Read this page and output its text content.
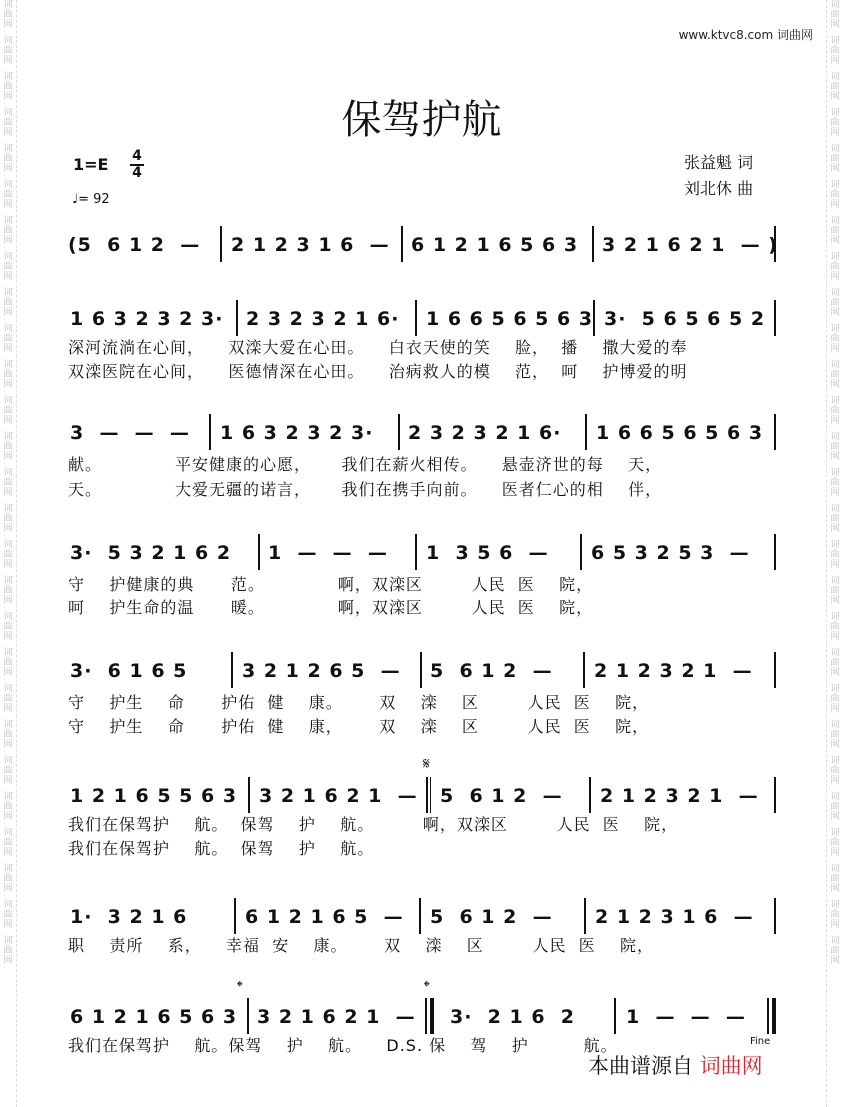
词曲网
词曲网
词曲网
词曲网
词曲网
词曲网
词曲网
词曲网
词曲网
词曲网
词曲网
词曲网
词曲网
词曲网
词曲网
词曲网
词曲网
词曲网
词曲网
词曲网
词曲网
词曲网
词曲网
词曲网
词曲网
词曲网
词曲网
词曲网
词曲网
词曲网
词曲网
词曲网
词曲网
词曲网
词曲网
词曲网
词曲网
词曲网
词曲网
词曲网
词曲网
词曲网
词曲网
词曲网
词曲网
词曲网
词曲网
词曲网
词曲网
词曲网
词曲网
词曲网
词曲网
词曲网
www.ktvc8.com 词曲网
保驾护航
1=E 4
4
♩= 92
张益魁 词
刘北休 曲
(5  6 1 2  — 2 1 2 3 1 6  — 6 1 2 1 6 5 6 3 3 2 1 6 2 1  — )
1 6 3 2 3 2 3· 2 3 2 3 2 1 6· 1 6 6 5 6 5 6 3 3·  5 6 5 6 5 2
深河流淌在心间，    双滦大爱在心田。    白衣天使的笑    脸，  播    撒大爱的奉
双滦医院在心间，    医德情深在心田。    治病救人的模    范，  呵    护博爱的明
3  —  —  — 1 6 3 2 3 2 3· 2 3 2 3 2 1 6· 1 6 6 5 6 5 6 3
献。            平安健康的心愿，     我们在薪火相传。    悬壶济世的每    天，
天。            大爱无疆的诺言，     我们在携手向前。    医者仁心的相    伴，
3·  5 3 2 1 6 2 1  —  —  — 1  3 5 6  — 6 5 3 2 5 3  —
守    护健康的典      范。            啊，双滦区        人民  医    院，
呵    护生命的温      暖。            啊，双滦区        人民  医    院，
3·  6 1 6 5	3 2 1 2 6 5  — 5  6 1 2  — 2 1 2 3 2 1  —
守    护生    命      护佑  健    康。      双    滦    区        人民  医    院，
守    护生    命      护佑  健    康，      双    滦    区        人民  医    院，
𝄋
1 2 1 6 5 5 6 3 3 2 1 6 2 1  — 5  6 1 2  — 2 1 2 3 2 1  —
我们在保驾护    航。  保驾    护    航。        啊，双滦区        人民  医    院，
我们在保驾护    航。  保驾    护    航。
1·  3 2 1 6	6 1 2 1 6 5  — 5  6 1 2  — 2 1 2 3 1 6  —
职    责所    系，    幸福  安    康。      双    滦    区        人民  医    院，
𝄌	𝄌
6 1 2 1 6 5 6 3 3 2 1 6 2 1  — 3·  2 1 6  2	1  —  —  —
我们在保驾护    航。保驾    护    航。    D.S. 保    驾    护         航。	Fine
本曲谱源自 词曲网
